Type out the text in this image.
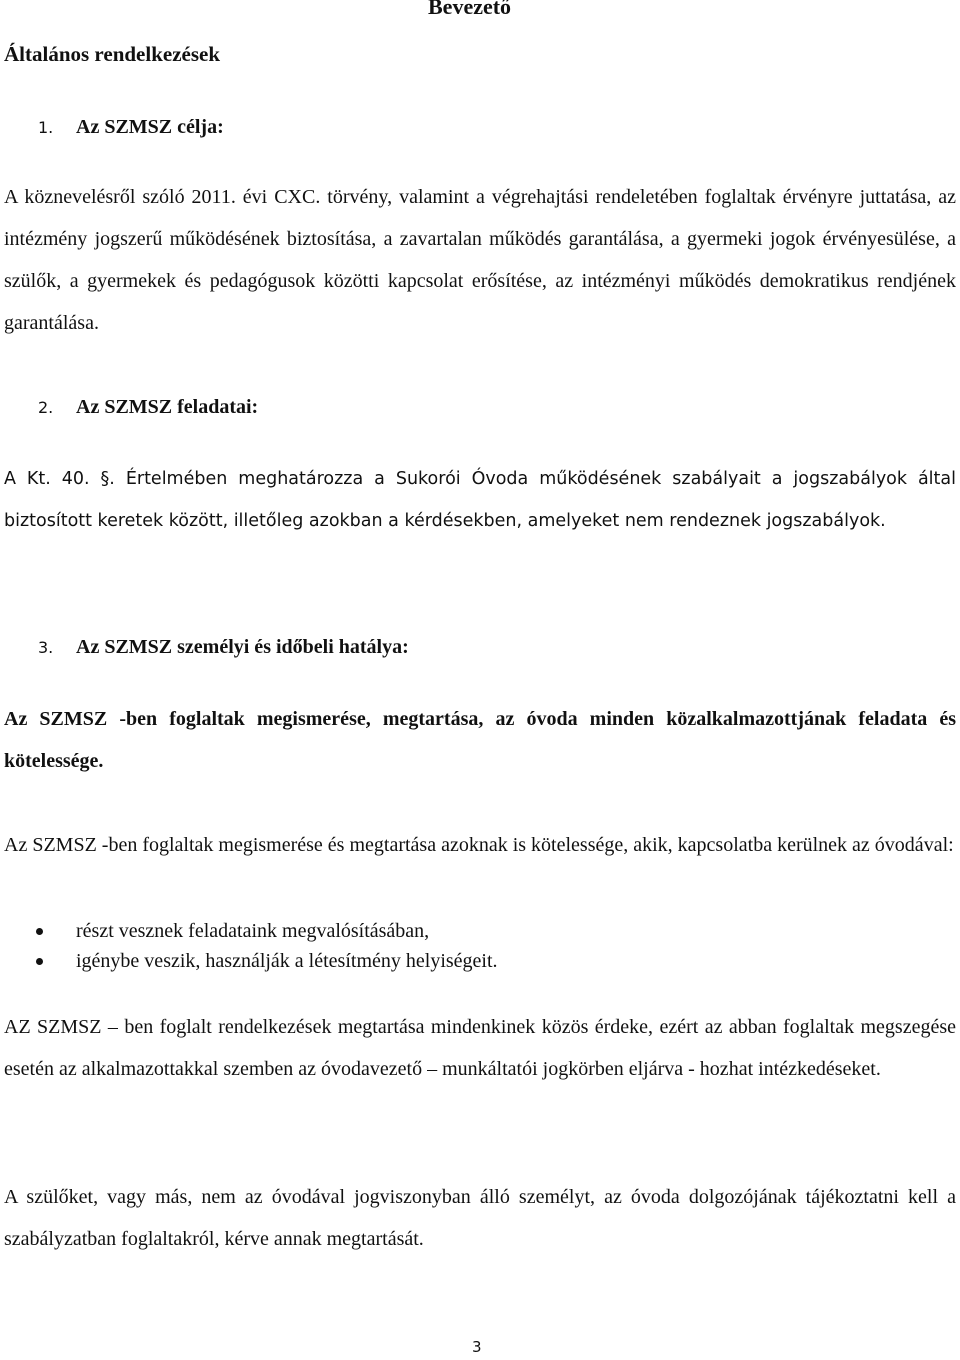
Bevezető
Általános rendelkezések
1. Az SZMSZ célja:

A köznevelésről szóló 2011. évi CXC. törvény, valamint a végrehajtási rendeletében foglaltak érvényre juttatása, az intézmény jogszerű működésének biztosítása, a zavartalan működés garantálása, a gyermeki jogok érvényesülése, a szülők, a gyermekek és pedagógusok közötti kapcsolat erősítése, az intézményi működés demokratikus rendjének garantálása.

2. Az SZMSZ feladatai:

A Kt. 40. §. Értelmében meghatározza a Sukorói Óvoda működésének szabályait a jogszabályok által biztosított keretek között, illetőleg azokban a kérdésekben, amelyeket nem rendeznek jogszabályok.

3. Az SZMSZ személyi és időbeli hatálya:

Az SZMSZ -ben foglaltak megismerése, megtartása, az óvoda minden közalkalmazottjának feladata és kötelessége.

Az SZMSZ -ben foglaltak megismerése és megtartása azoknak is kötelessége, akik, kapcsolatba kerülnek az óvodával:

részt vesznek feladataink megvalósításában,
igénybe veszik, használják a létesítmény helyiségeit.

AZ SZMSZ – ben foglalt rendelkezések megtartása mindenkinek közös érdeke, ezért az abban foglaltak megszegése esetén az alkalmazottakkal szemben az óvodavezető – munkáltatói jogkörben eljárva - hozhat intézkedéseket.

A szülőket, vagy más, nem az óvodával jogviszonyban álló személyt, az óvoda dolgozójának tájékoztatni kell a szabályzatban foglaltakról, kérve annak megtartását.

3
